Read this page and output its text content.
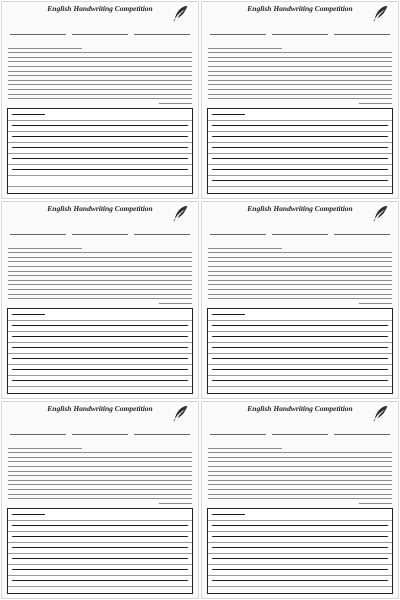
English Handwriting Competition	English Handwriting Competition
English Handwriting Competition	English Handwriting Competition
English Handwriting Competition	English Handwriting Competition
